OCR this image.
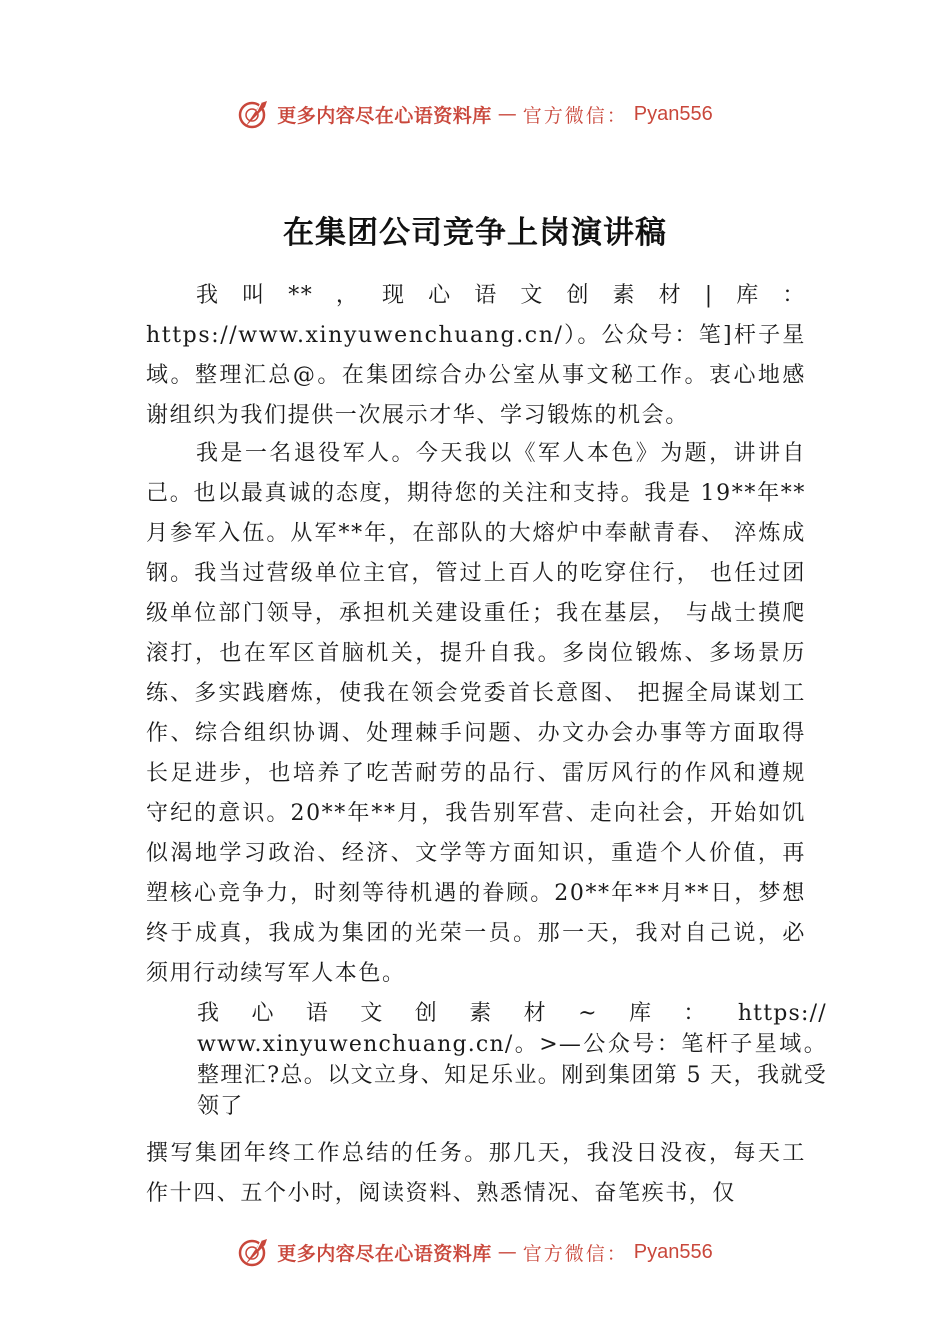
更多内容尽在心语资料库 — 官方微信： Pyan556
在集团公司竞争上岗演讲稿

我叫**，现心语文创素材|库：https://www.xinyuwenchuang.cn/）。公众号：笔]杆子星域。整理汇总@。在集团综合办公室从事文秘工作。衷心地感谢组织为我们提供一次展示才华、学习锻炼的机会。

我是一名退役军人。今天我以《军人本色》为题，讲讲自己。也以最真诚的态度，期待您的关注和支持。我是 19**年**月参军入伍。从军**年，在部队的大熔炉中奉献青春、 淬炼成钢。我当过营级单位主官，管过上百人的吃穿住行， 也任过团级单位部门领导，承担机关建设重任；我在基层， 与战士摸爬滚打，也在军区首脑机关，提升自我。多岗位锻炼、多场景历练、多实践磨炼，使我在领会党委首长意图、 把握全局谋划工作、综合组织协调、处理棘手问题、办文办会办事等方面取得长足进步，也培养了吃苦耐劳的品行、雷厉风行的作风和遵规守纪的意识。20**年**月，我告别军营、走向社会，开始如饥似渴地学习政治、经济、文学等方面知识，重造个人价值，再塑核心竞争力，时刻等待机遇的眷顾。20**年**月**日，梦想终于成真，我成为集团的光荣一员。那一天，我对自己说，必须用行动续写军人本色。

我 心 语 文 创 素 材 ~ 库 ： https://
www.xinyuwenchuang.cn/。>—公众号：笔杆子星域。整理汇?总。以文立身、知足乐业。刚到集团第 5 天，我就受领了

撰写集团年终工作总结的任务。那几天，我没日没夜，每天工作十四、五个小时，阅读资料、熟悉情况、奋笔疾书，仅

更多内容尽在心语资料库 — 官方微信： Pyan556
